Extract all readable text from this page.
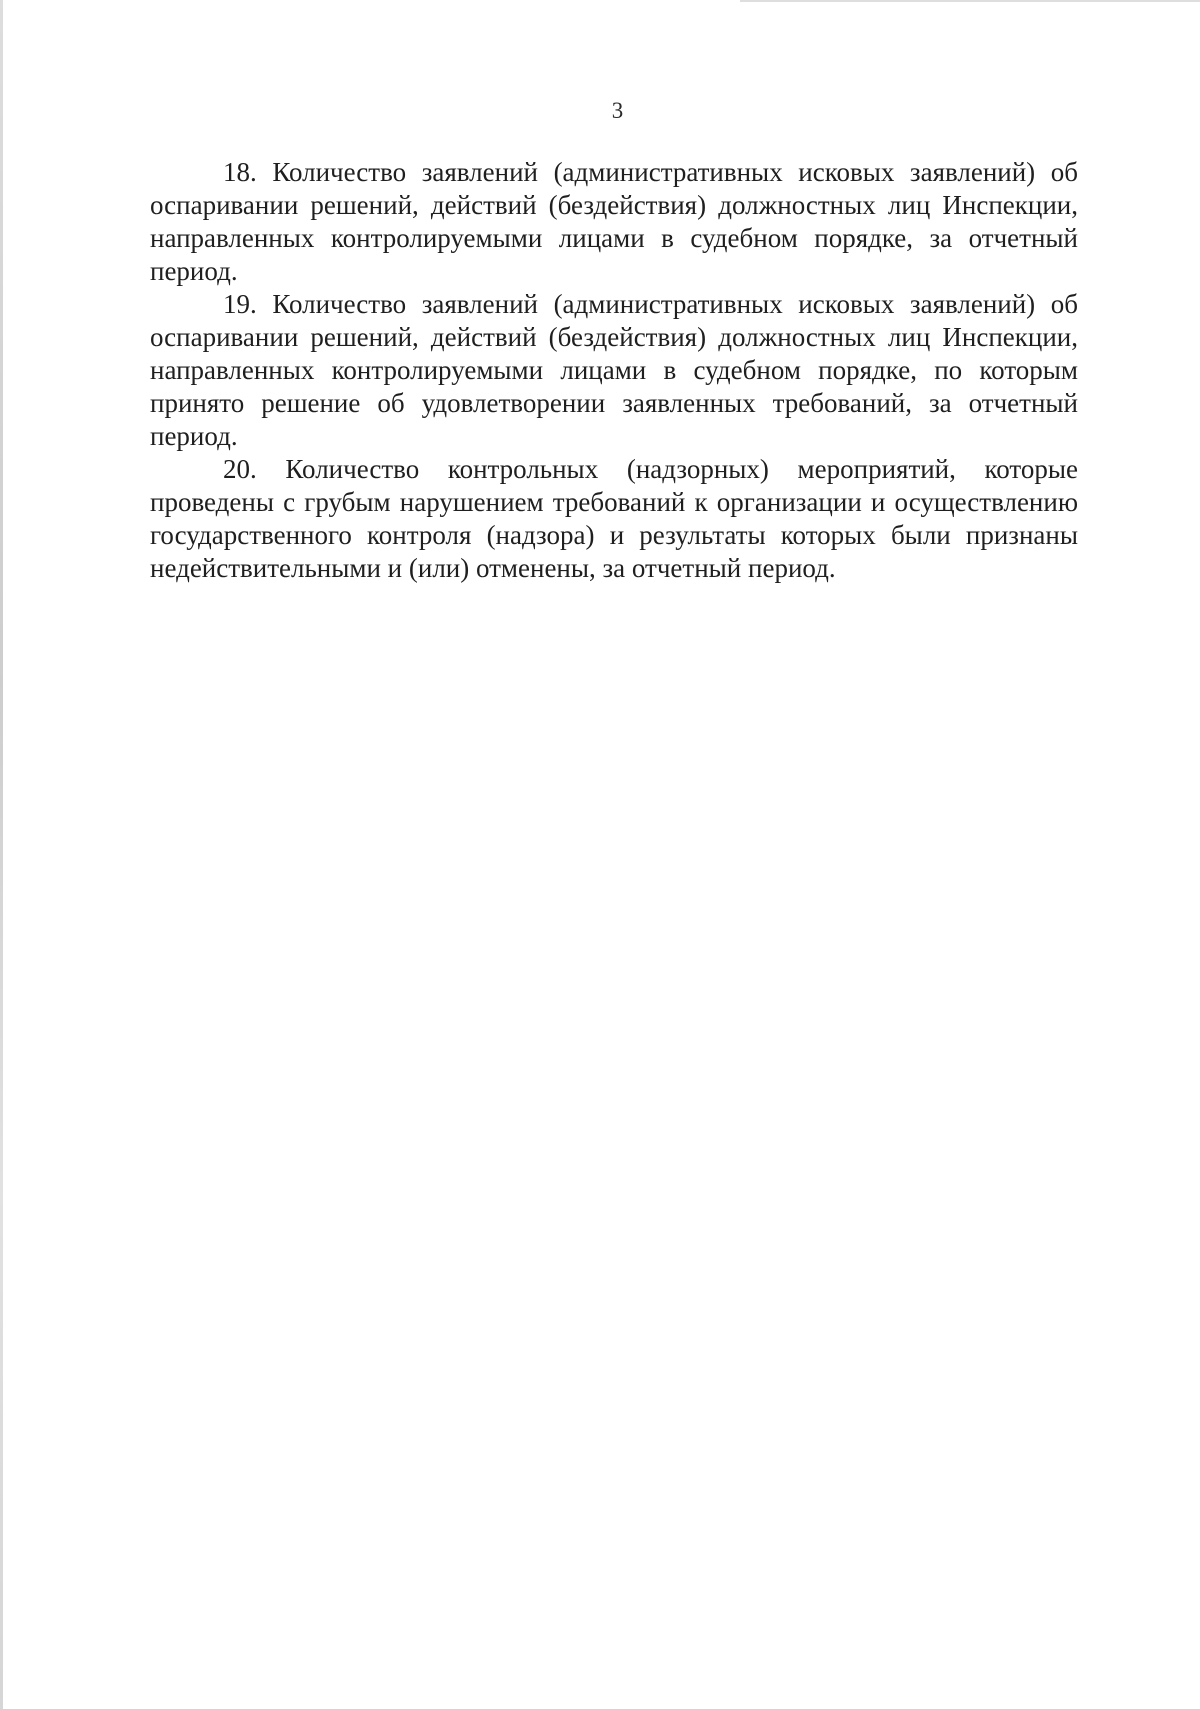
3

18. Количество заявлений (административных исковых заявлений) об оспаривании решений, действий (бездействия) должностных лиц Инспекции, направленных контролируемыми лицами в судебном порядке, за отчетный период.

19. Количество заявлений (административных исковых заявлений) об оспаривании решений, действий (бездействия) должностных лиц Инспекции, направленных контролируемыми лицами в судебном порядке, по которым принято решение об удовлетворении заявленных требований, за отчетный период.

20. Количество контрольных (надзорных) мероприятий, которые проведены с грубым нарушением требований к организации и осуществлению государственного контроля (надзора) и результаты которых были признаны недействительными и (или) отменены, за отчетный период.
